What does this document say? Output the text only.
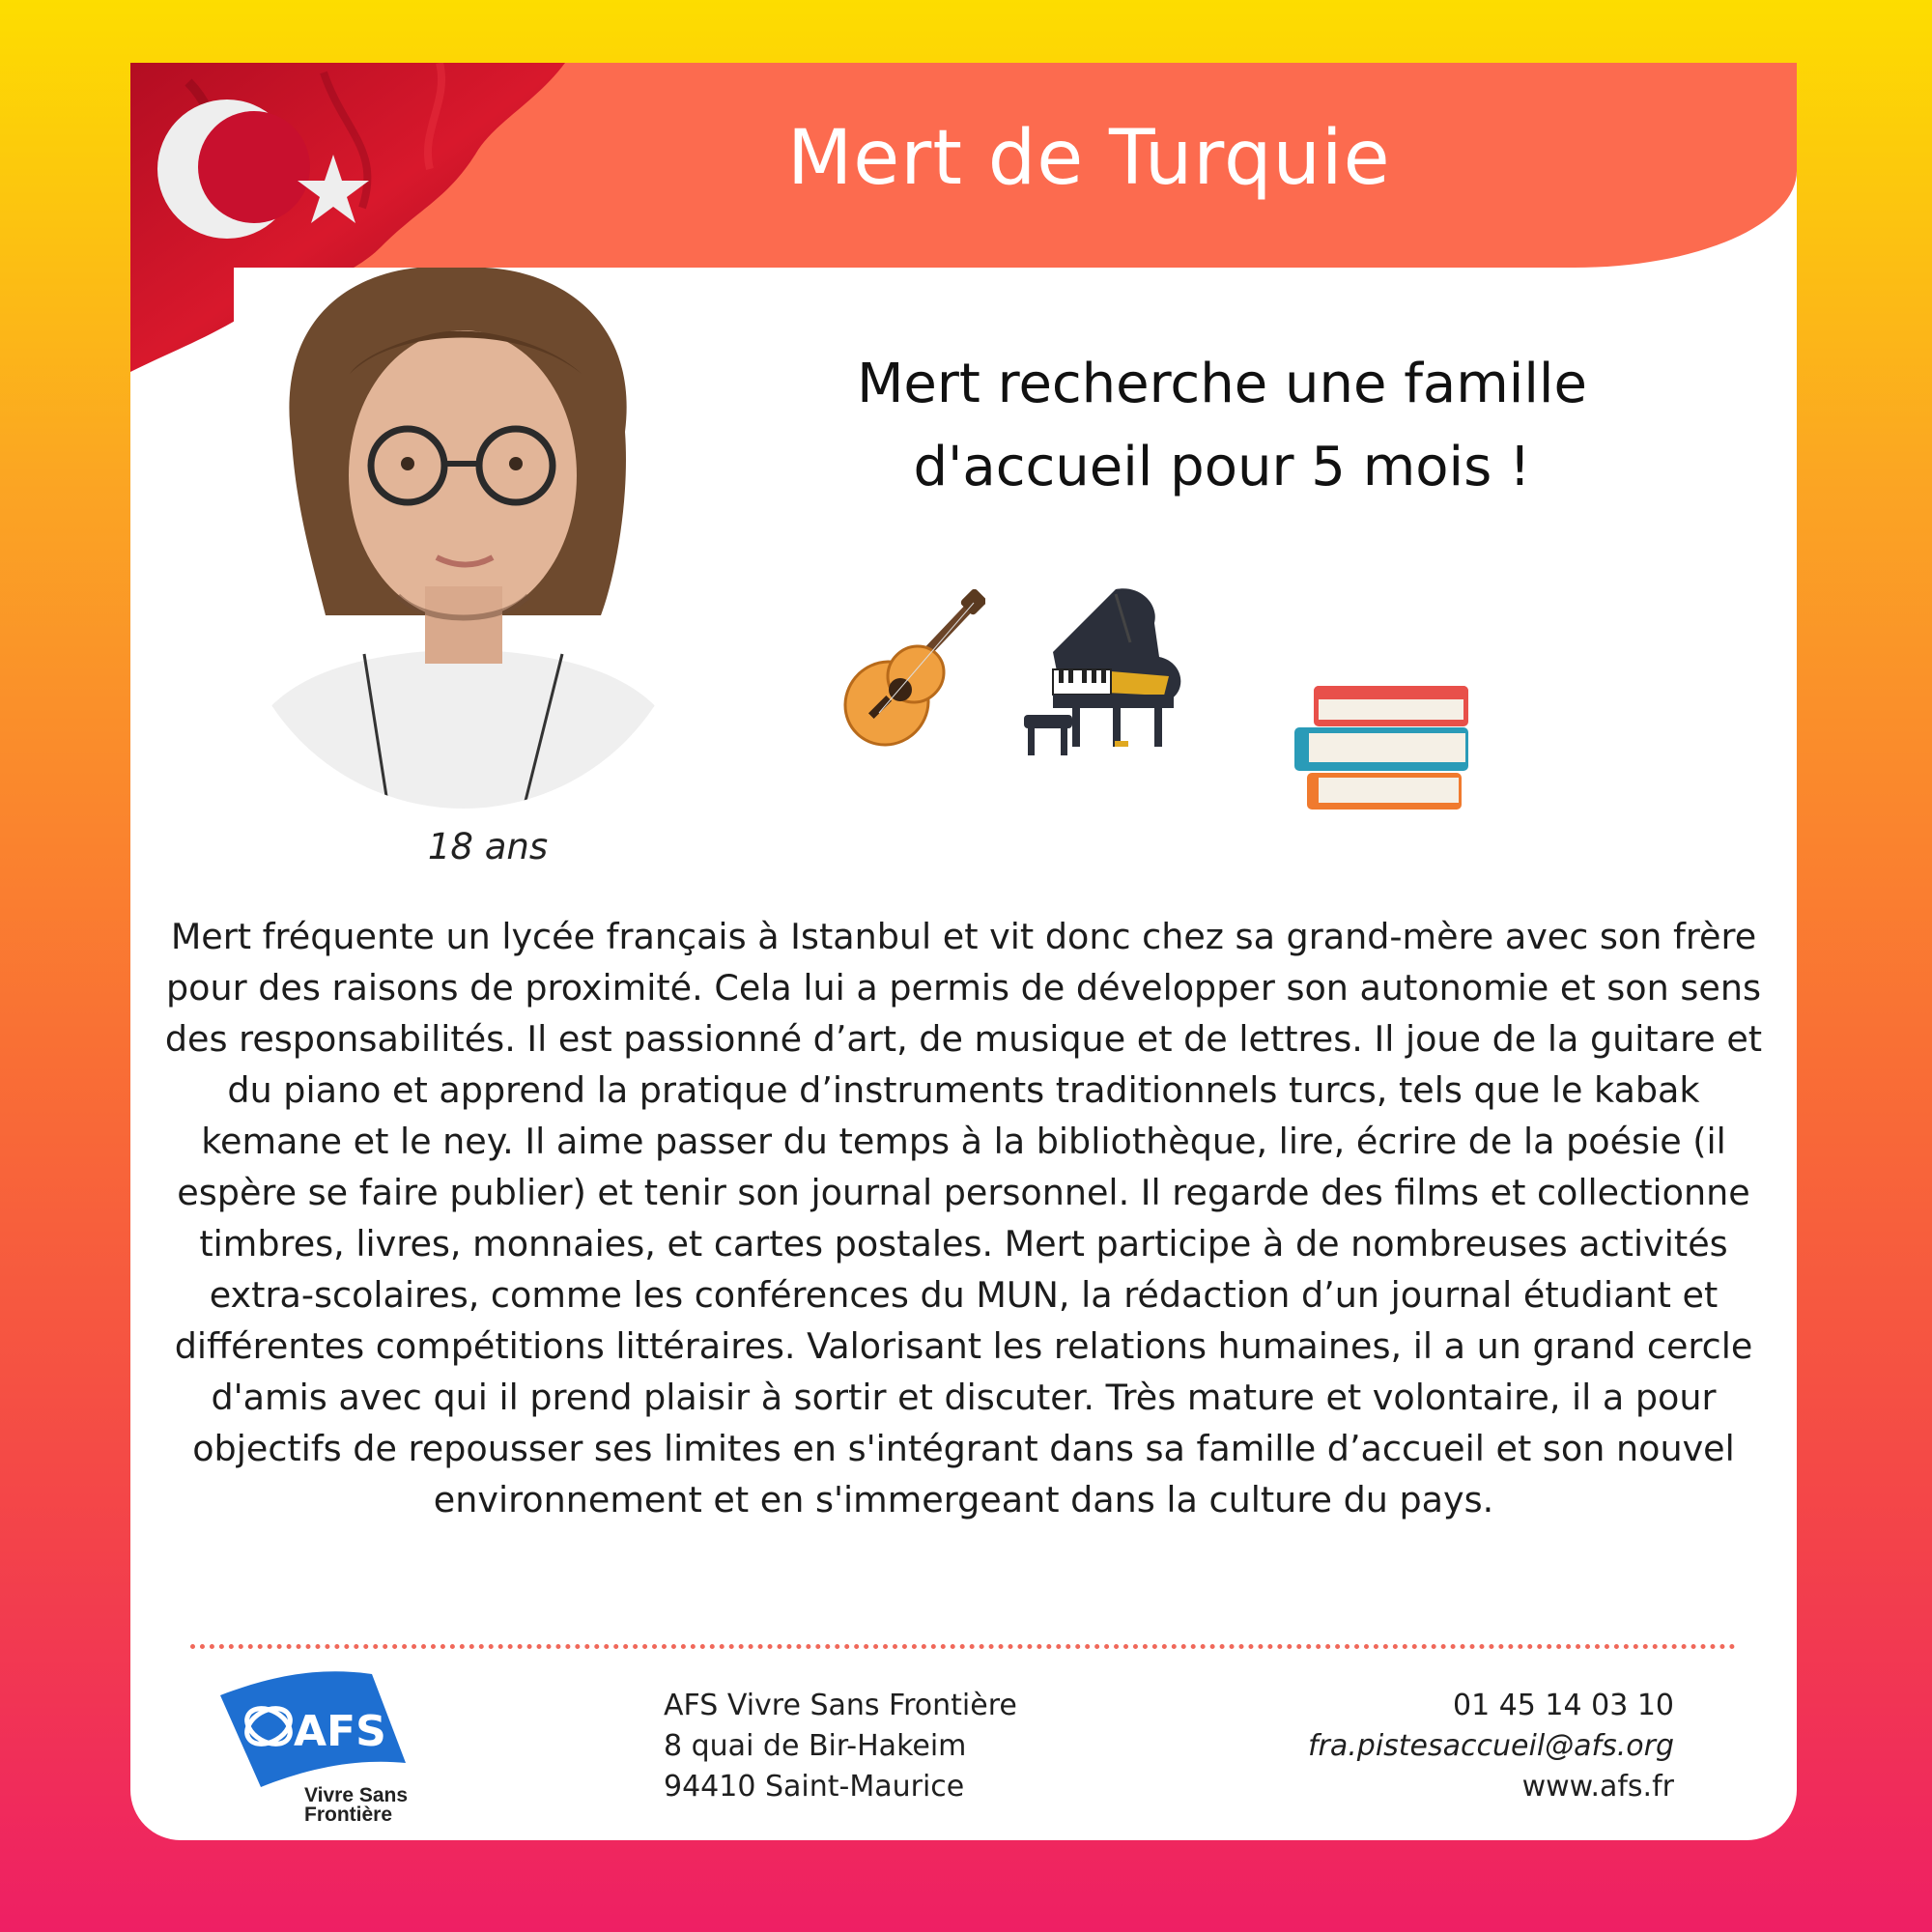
Mert de Turquie
18 ans
Mert recherche une famille
d'accueil pour 5 mois !
Mert fréquente un lycée français à Istanbul et vit donc chez sa grand-mère avec son frère pour des raisons de proximité. Cela lui a permis de développer son autonomie et son sens des responsabilités. Il est passionné d’art, de musique et de lettres. Il joue de la guitare et du piano et apprend la pratique d’instruments traditionnels turcs, tels que le kabak kemane et le ney. Il aime passer du temps à la bibliothèque, lire, écrire de la poésie (il espère se faire publier) et tenir son journal personnel. Il regarde des films et collectionne timbres, livres, monnaies, et cartes postales. Mert participe à de nombreuses activités extra-scolaires, comme les conférences du MUN, la rédaction d’un journal étudiant et différentes compétitions littéraires. Valorisant les relations humaines, il a un grand cercle d'amis avec qui il prend plaisir à sortir et discuter. Très mature et volontaire, il a pour objectifs de repousser ses limites en s'intégrant dans sa famille d’accueil et son nouvel environnement et en s'immergeant dans la culture du pays.
AFS
Vivre Sans
Frontière
AFS Vivre Sans Frontière
8 quai de Bir-Hakeim
94410 Saint-Maurice
01 45 14 03 10
fra.pistesaccueil@afs.org
www.afs.fr
